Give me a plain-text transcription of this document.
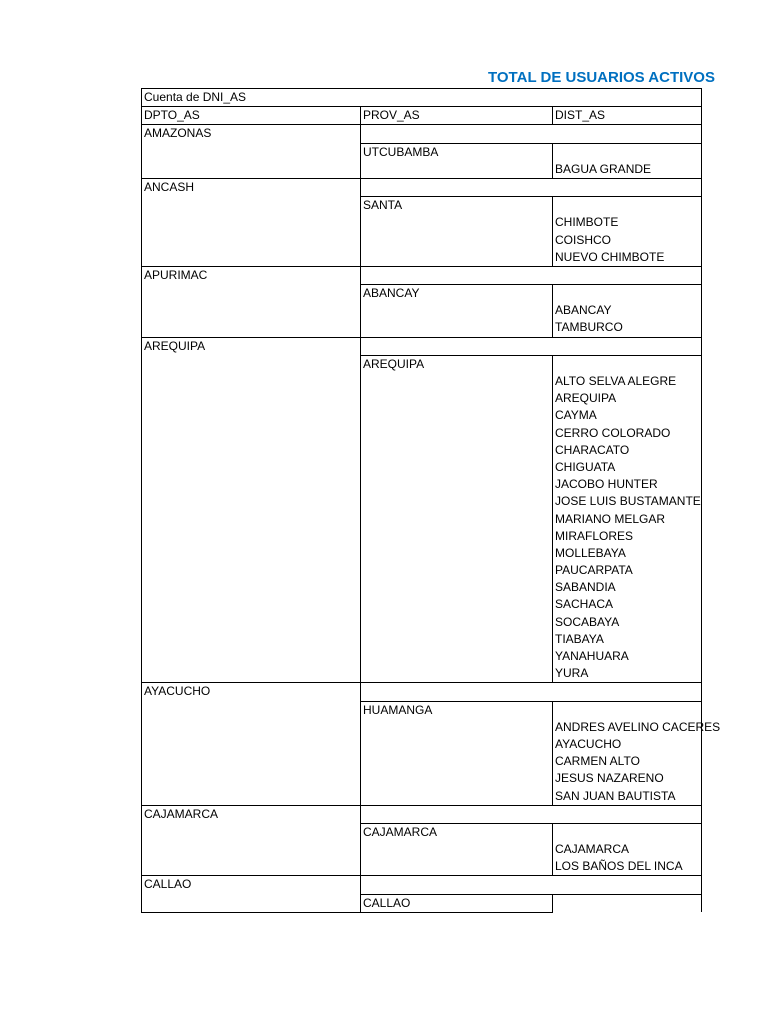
TOTAL DE USUARIOS ACTIVOS
Cuenta de DNI_AS		
DPTO_AS	PROV_AS	DIST_AS
AMAZONAS		
	UTCUBAMBA	
		BAGUA GRANDE
ANCASH		
	SANTA	
		CHIMBOTE
		COISHCO
		NUEVO CHIMBOTE
APURIMAC		
	ABANCAY	
		ABANCAY
		TAMBURCO
AREQUIPA		
	AREQUIPA	
		ALTO SELVA ALEGRE
		AREQUIPA
		CAYMA
		CERRO COLORADO
		CHARACATO
		CHIGUATA
		JACOBO HUNTER
		JOSE LUIS BUSTAMANTE
		MARIANO MELGAR
		MIRAFLORES
		MOLLEBAYA
		PAUCARPATA
		SABANDIA
		SACHACA
		SOCABAYA
		TIABAYA
		YANAHUARA
		YURA
AYACUCHO		
	HUAMANGA	
		ANDRES AVELINO CACERES
		AYACUCHO
		CARMEN ALTO
		JESUS NAZARENO
		SAN JUAN BAUTISTA
CAJAMARCA		
	CAJAMARCA	
		CAJAMARCA
		LOS BAÑOS DEL INCA
CALLAO		
	CALLAO	
